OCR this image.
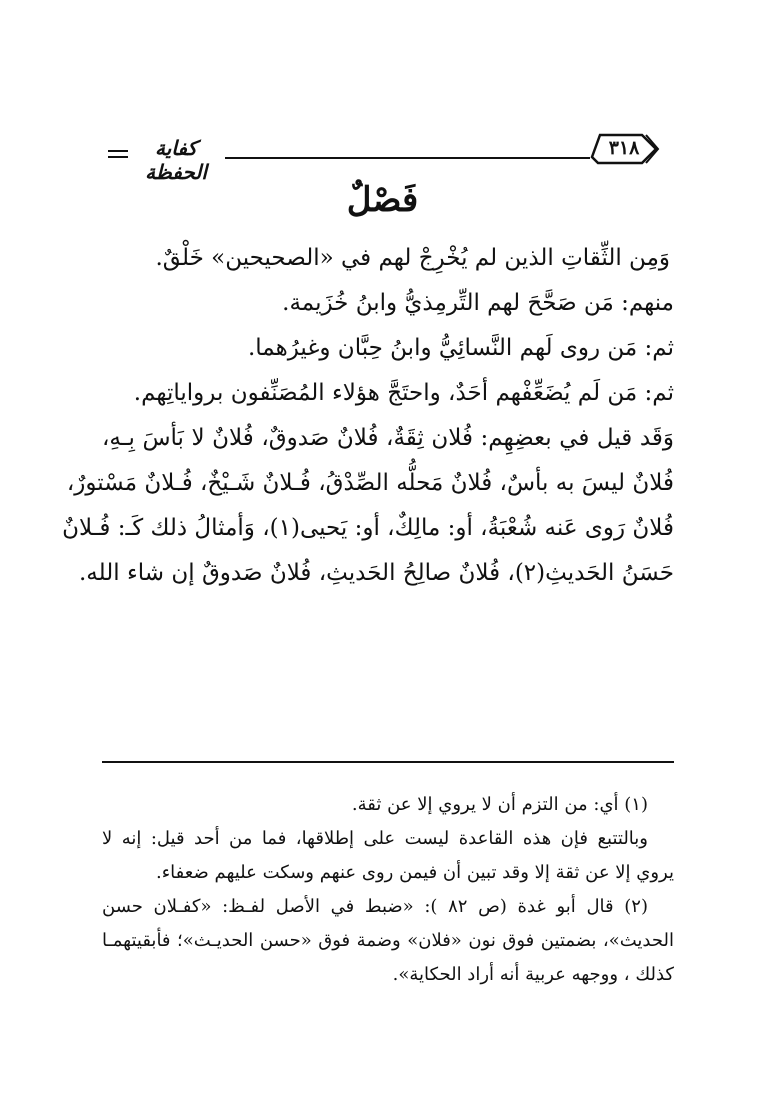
كفاية الحفظة
٣١٨
فَصْلٌ
وَمِن الثِّقاتِ الذين لم يُخْرِجْ لهم في «الصحيحين» خَلْقٌ.
منهم: مَن صَحَّحَ لهم التِّرمِذيُّ وابنُ خُزَيمة.
ثم: مَن روى لَهم النَّسائِيُّ وابنُ حِبَّان وغيرُهما.
ثم: مَن لَم يُضَعِّفْهم أحَدٌ، واحتَجَّ هؤلاء المُصَنِّفون برواياتِهم.
وَقَد قيل في بعضِهِم: فُلان ثِقَةٌ، فُلانٌ صَدوقٌ، فُلانٌ لا بَأسَ بِـهِ،
فُلانٌ ليسَ به بأسٌ، فُلانٌ مَحلُّه الصِّدْقُ، فُـلانٌ شَـيْخٌ، فُـلانٌ مَسْتورٌ،
فُلانٌ رَوى عَنه شُعْبَةُ، أو: مالِكٌ، أو: يَحيى(١)، وَأمثالُ ذلك كَـ: فُـلانٌ
حَسَنُ الحَديثِ(٢)، فُلانٌ صالِحُ الحَديثِ، فُلانٌ صَدوقٌ إن شاء الله.
(١) أي: من التزم أن لا يروي إلا عن ثقة.
وبالتتبع فإن هذه القاعدة ليست على إطلاقها، فما من أحد قيل: إنه لا
يروي إلا عن ثقة إلا وقد تبين أن فيمن روى عنهم وسكت عليهم ضعفاء.
(٢) قال أبو غدة (ص ٨٢ ): «ضبط في الأصل لفـظ: «كفـلان حسن
الحديث»، بضمتين فوق نون «فلان» وضمة فوق «حسن الحديـث»؛ فأبقيتهمـا
كذلك ، ووجهه عربية أنه أراد الحكاية».
